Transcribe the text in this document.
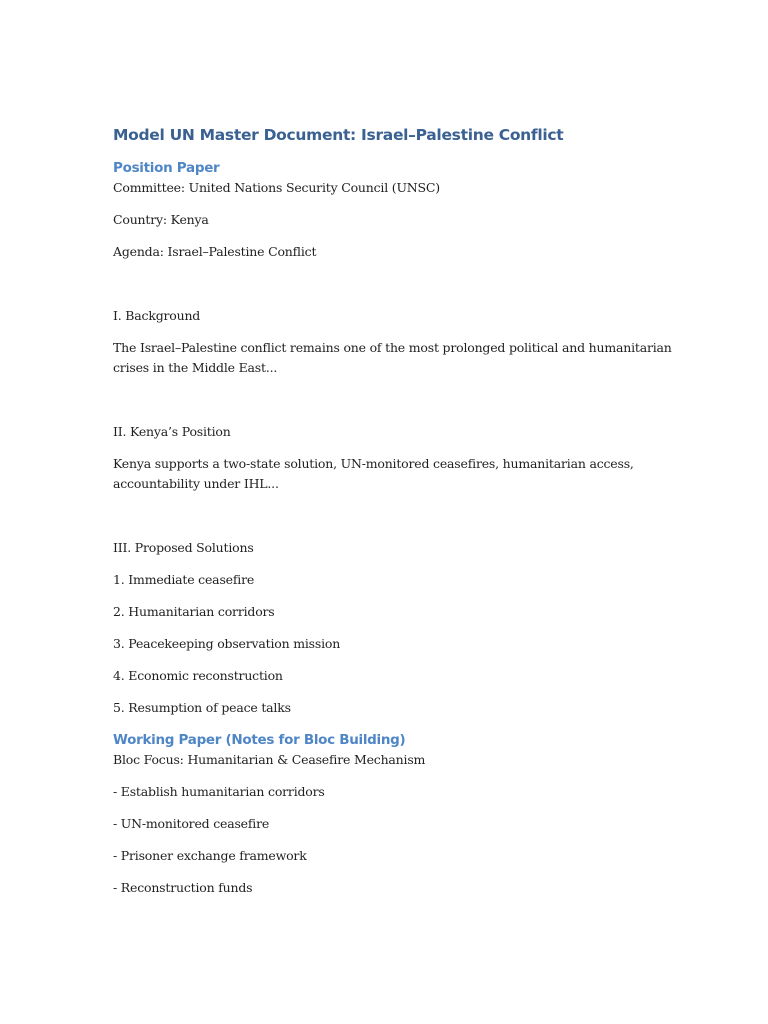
Model UN Master Document: Israel–Palestine Conflict
Position Paper

Committee: United Nations Security Council (UNSC)

Country: Kenya

Agenda: Israel–Palestine Conflict

I. Background

The Israel–Palestine conflict remains one of the most prolonged political and humanitarian crises in the Middle East...

II. Kenya’s Position

Kenya supports a two-state solution, UN-monitored ceasefires, humanitarian access, accountability under IHL...

III. Proposed Solutions

1. Immediate ceasefire

2. Humanitarian corridors

3. Peacekeeping observation mission

4. Economic reconstruction

5. Resumption of peace talks

Working Paper (Notes for Bloc Building)

Bloc Focus: Humanitarian & Ceasefire Mechanism

- Establish humanitarian corridors

- UN-monitored ceasefire

- Prisoner exchange framework

- Reconstruction funds
